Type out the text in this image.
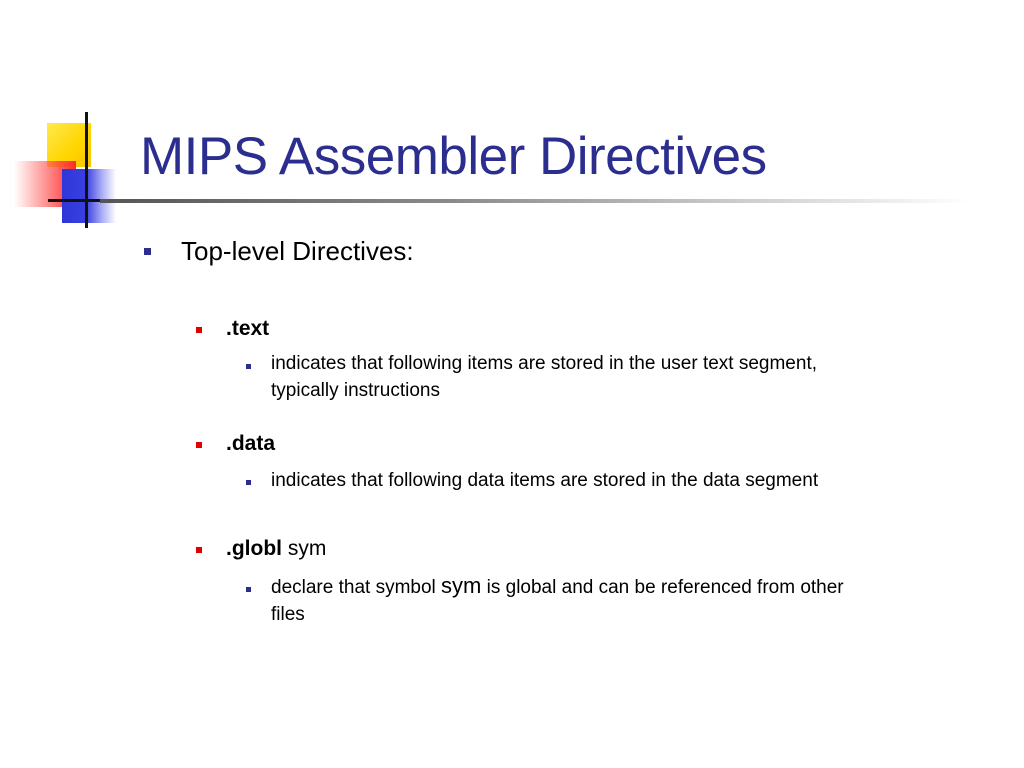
MIPS Assembler Directives
Top-level Directives:
.text
indicates that following items are stored in the user text segment,
typically instructions
.data
indicates that following data items are stored in the data segment
.globl sym
declare that symbol sym is global and can be referenced from other
files
